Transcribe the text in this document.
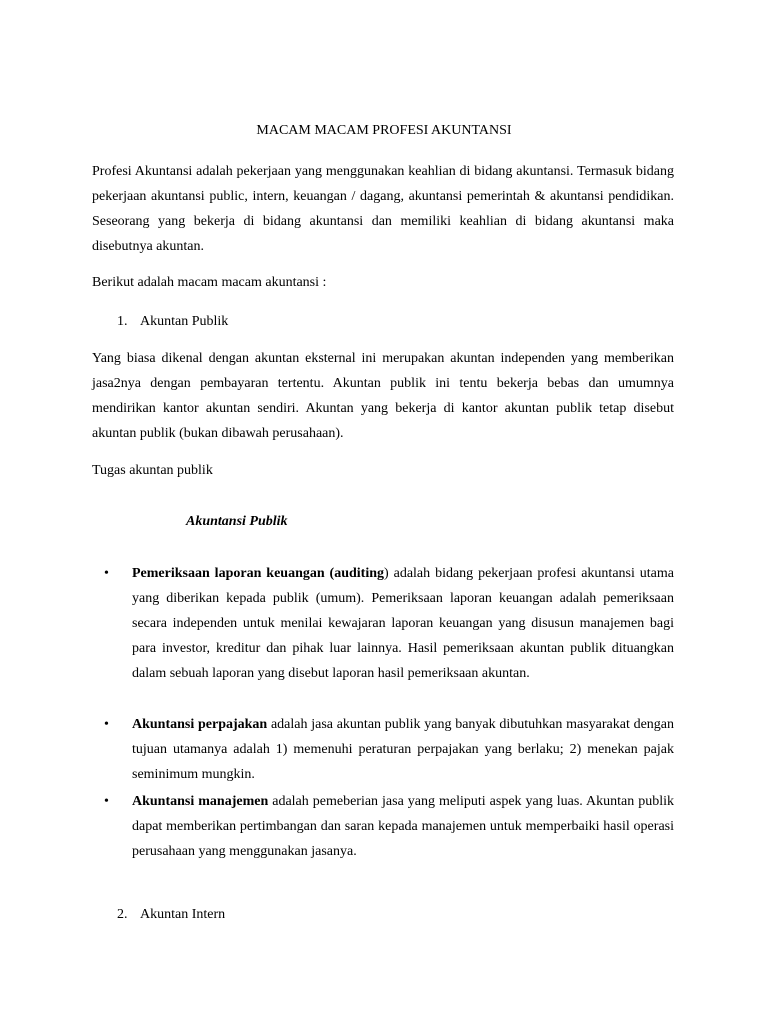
MACAM MACAM PROFESI AKUNTANSI

Profesi Akuntansi adalah pekerjaan yang menggunakan keahlian di bidang akuntansi. Termasuk bidang pekerjaan akuntansi public, intern, keuangan / dagang, akuntansi pemerintah & akuntansi pendidikan. Seseorang yang bekerja di bidang akuntansi dan memiliki keahlian di bidang akuntansi maka disebutnya akuntan.

Berikut adalah macam macam akuntansi :

1. Akuntan Publik

Yang biasa dikenal dengan akuntan eksternal ini merupakan akuntan independen yang memberikan jasa2nya dengan pembayaran tertentu. Akuntan publik ini tentu bekerja bebas dan umumnya mendirikan kantor akuntan sendiri. Akuntan yang bekerja di kantor akuntan publik tetap disebut akuntan publik (bukan dibawah perusahaan).

Tugas akuntan publik

Akuntansi Publik

•	Pemeriksaan laporan keuangan (auditing) adalah bidang pekerjaan profesi akuntansi utama yang diberikan kepada publik (umum). Pemeriksaan laporan keuangan adalah pemeriksaan secara independen untuk menilai kewajaran laporan keuangan yang disusun manajemen bagi para investor, kreditur dan pihak luar lainnya. Hasil pemeriksaan akuntan publik dituangkan dalam sebuah laporan yang disebut laporan hasil pemeriksaan akuntan.
•	Akuntansi perpajakan adalah jasa akuntan publik yang banyak dibutuhkan masyarakat dengan tujuan utamanya adalah 1) memenuhi peraturan perpajakan yang berlaku; 2) menekan pajak seminimum mungkin.
•	Akuntansi manajemen adalah pemeberian jasa yang meliputi aspek yang luas. Akuntan publik dapat memberikan pertimbangan dan saran kepada manajemen untuk memperbaiki hasil operasi perusahaan yang menggunakan jasanya.

2. Akuntan Intern
